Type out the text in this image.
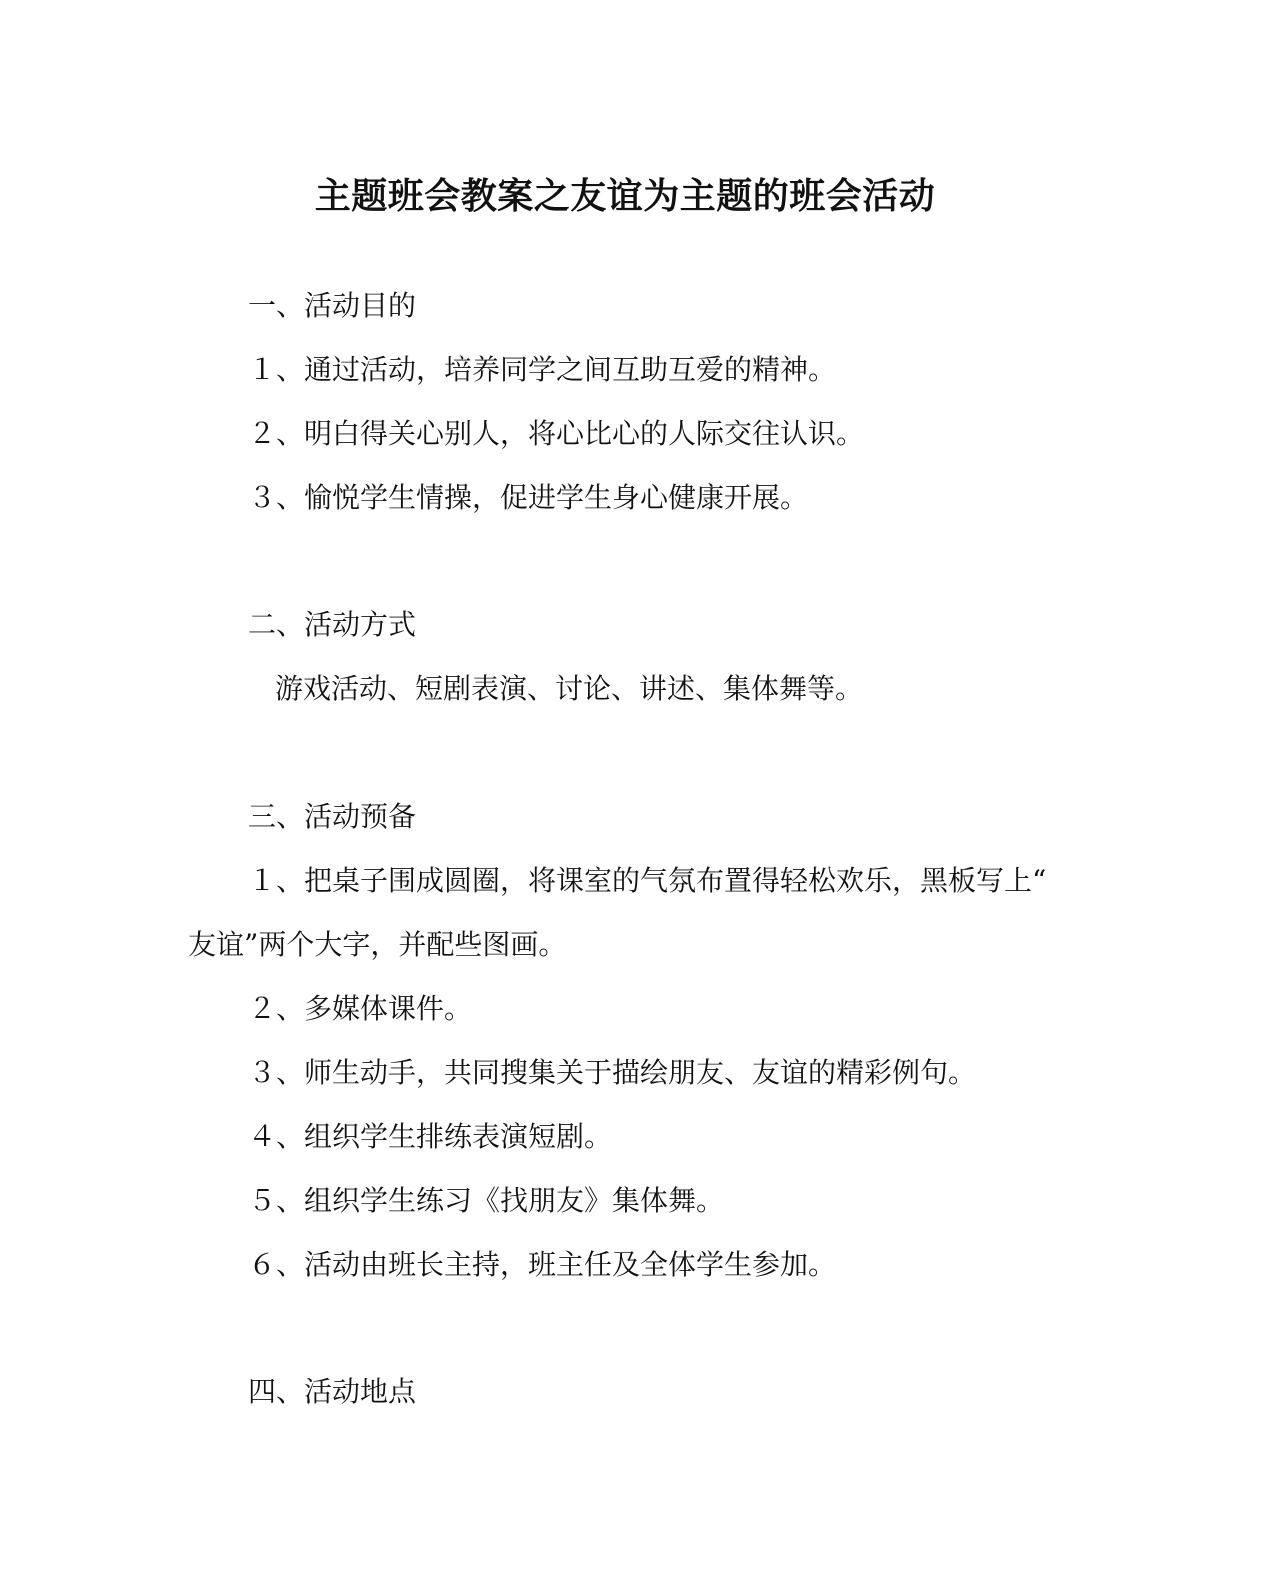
主题班会教案之友谊为主题的班会活动
一、活动目的
１、通过活动，培养同学之间互助互爱的精神。
２、明白得关心别人，将心比心的人际交往认识。
３、愉悦学生情操，促进学生身心健康开展。
二、活动方式
游戏活动、短剧表演、讨论、讲述、集体舞等。
三、活动预备
１、把桌子围成圆圈，将课室的气氛布置得轻松欢乐，黑板写上“
友谊”两个大字，并配些图画。
２、多媒体课件。
３、师生动手，共同搜集关于描绘朋友、友谊的精彩例句。
４、组织学生排练表演短剧。
５、组织学生练习《找朋友》集体舞。
６、活动由班长主持，班主任及全体学生参加。
四、活动地点
